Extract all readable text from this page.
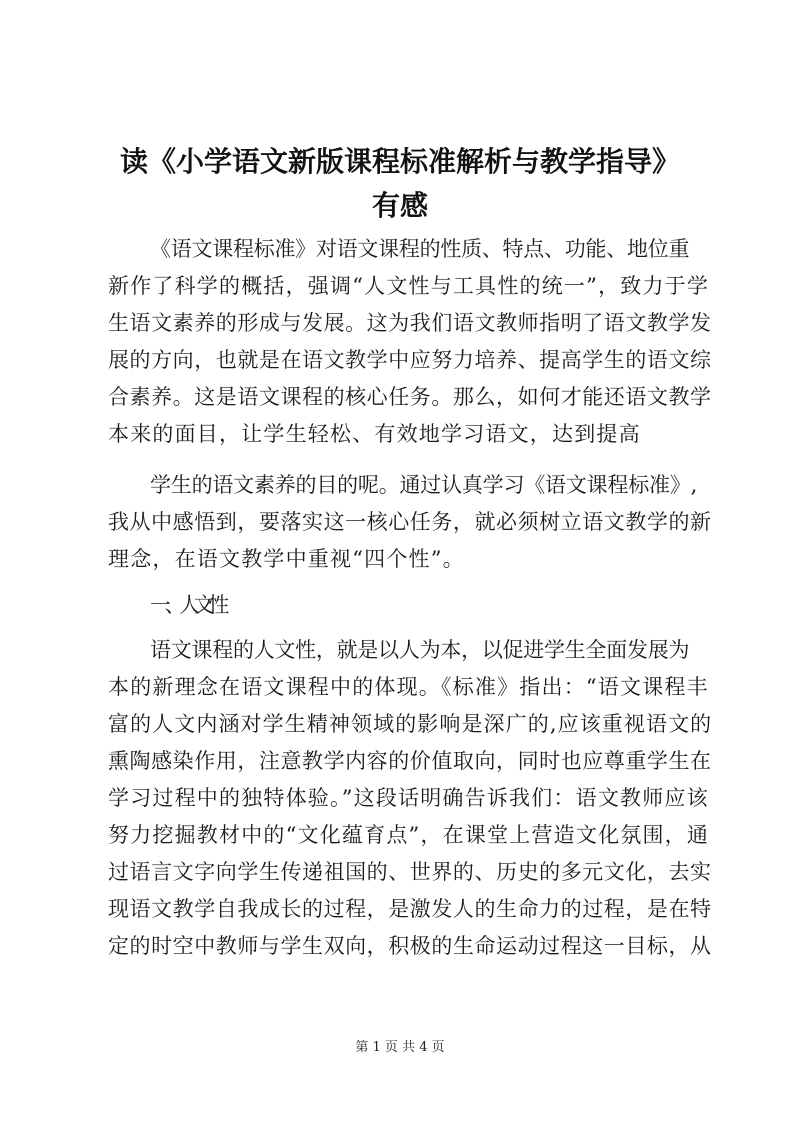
读《小学语文新版课程标准解析与教学指导》
有感
《语文课程标准》对语文课程的性质、特点、功能、地位重
新作了科学的概括，强调“人文性与工具性的统一”，致力于学
生语文素养的形成与发展。这为我们语文教师指明了语文教学发
展的方向，也就是在语文教学中应努力培养、提高学生的语文综
合素养。这是语文课程的核心任务。那么，如何才能还语文教学
本来的面目，让学生轻松、有效地学习语文，达到提高
学生的语文素养的目的呢。通过认真学习《语文课程标准》,
我从中感悟到，要落实这一核心任务，就必须树立语文教学的新
理念，在语文教学中重视“四个性”。
一、人文性
语文课程的人文性，就是以人为本，以促进学生全面发展为
本的新理念在语文课程中的体现。《标准》指出：“语文课程丰
富的人文内涵对学生精神领域的影响是深广的,应该重视语文的
熏陶感染作用，注意教学内容的价值取向，同时也应尊重学生在
学习过程中的独特体验。”这段话明确告诉我们：语文教师应该
努力挖掘教材中的“文化蕴育点”，在课堂上营造文化氛围，通
过语言文字向学生传递祖国的、世界的、历史的多元文化，去实
现语文教学自我成长的过程，是激发人的生命力的过程，是在特
定的时空中教师与学生双向，积极的生命运动过程这一目标，从
第 1 页 共 4 页
